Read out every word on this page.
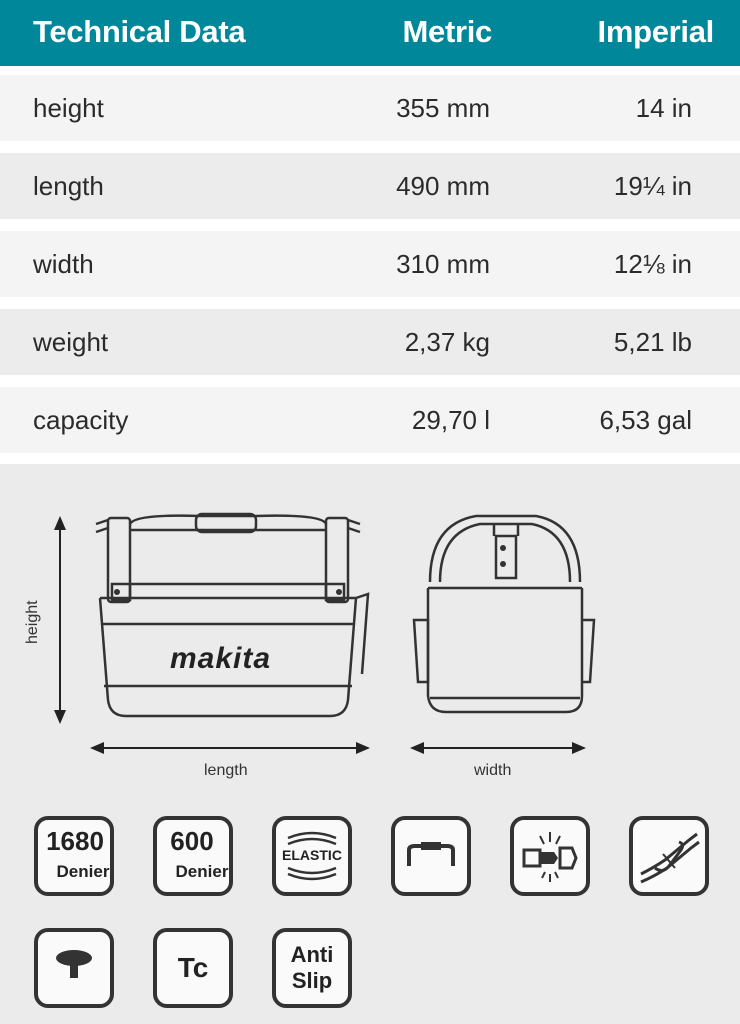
Technical Data	Metric	Imperial
height	355 mm	14 in
length	490 mm	19¼ in
width	310 mm	12⅛ in
weight	2,37 kg	5,21 lb
capacity	29,70 l	6,53 gal
makita
height
length	width
1680
Denier
600
Denier
ELASTIC
Tc	Anti
Slip
